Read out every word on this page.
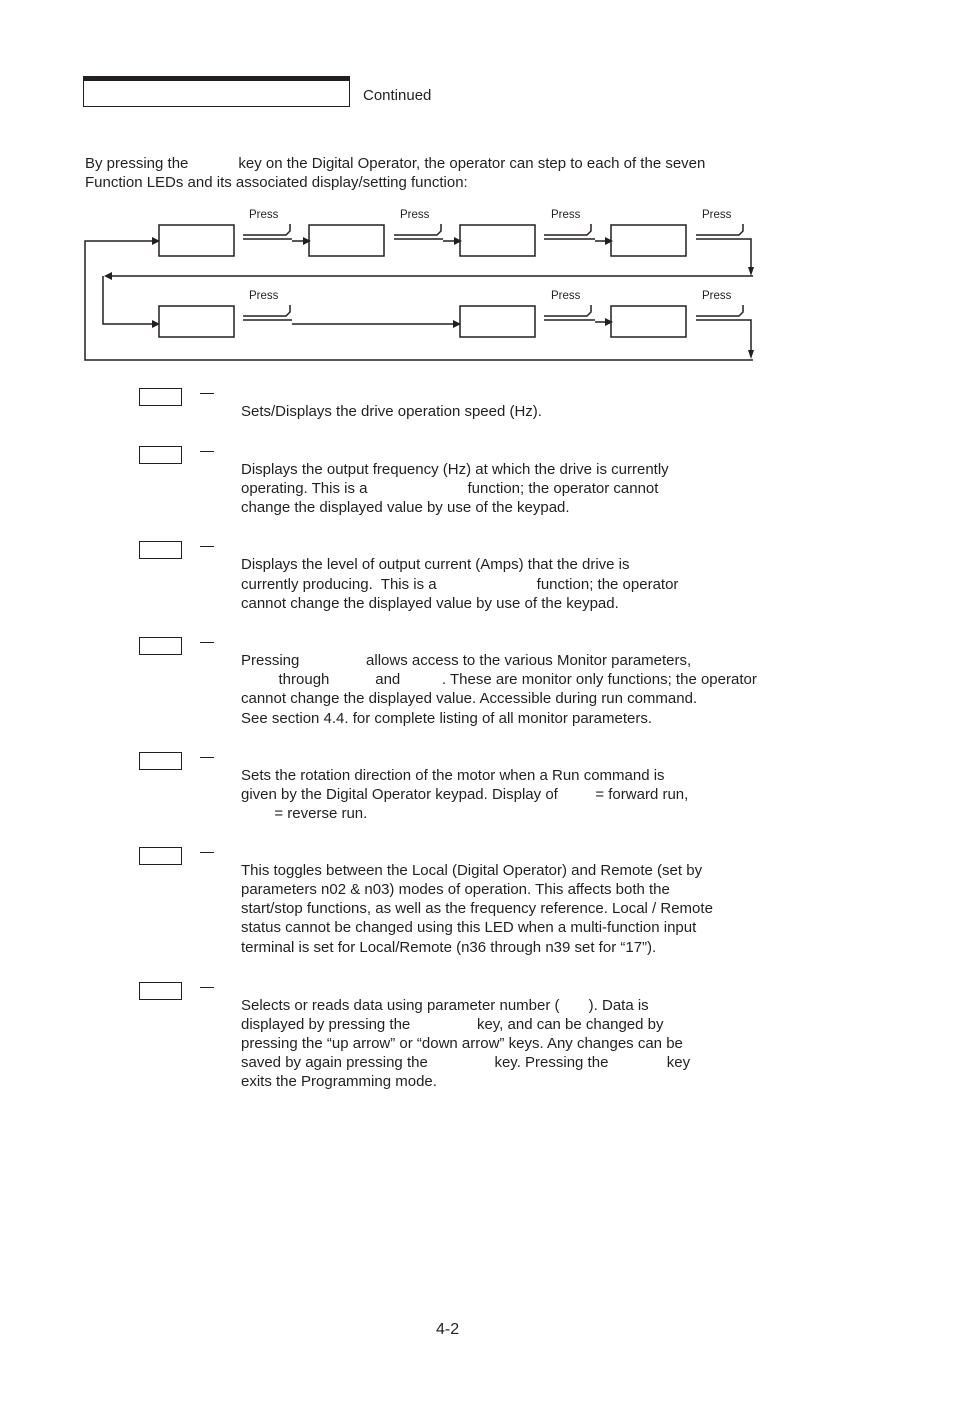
Continued
By pressing the            key on the Digital Operator, the operator can step to each of the seven
Function LEDs and its associated display/setting function:
Press	Press	Press	Press
Press	Press	Press
Sets/Displays the drive operation speed (Hz).
Displays the output frequency (Hz) at which the drive is currently
operating. This is a                        function; the operator cannot
change the displayed value by use of the keypad.
Displays the level of output current (Amps) that the drive is
currently producing.  This is a                        function; the operator
cannot change the displayed value by use of the keypad.
Pressing                allows access to the various Monitor parameters,
through           and          . These are monitor only functions; the operator
cannot change the displayed value. Accessible during run command.
See section 4.4. for complete listing of all monitor parameters.
Sets the rotation direction of the motor when a Run command is
given by the Digital Operator keypad. Display of         = forward run,
= reverse run.
This toggles between the Local (Digital Operator) and Remote (set by
parameters n02 & n03) modes of operation. This affects both the
start/stop functions, as well as the frequency reference. Local / Remote
status cannot be changed using this LED when a multi-function input
terminal is set for Local/Remote (n36 through n39 set for “17”).
Selects or reads data using parameter number (       ). Data is
displayed by pressing the                key, and can be changed by
pressing the “up arrow” or “down arrow” keys. Any changes can be
saved by again pressing the                key. Pressing the              key
exits the Programming mode.
4-2
